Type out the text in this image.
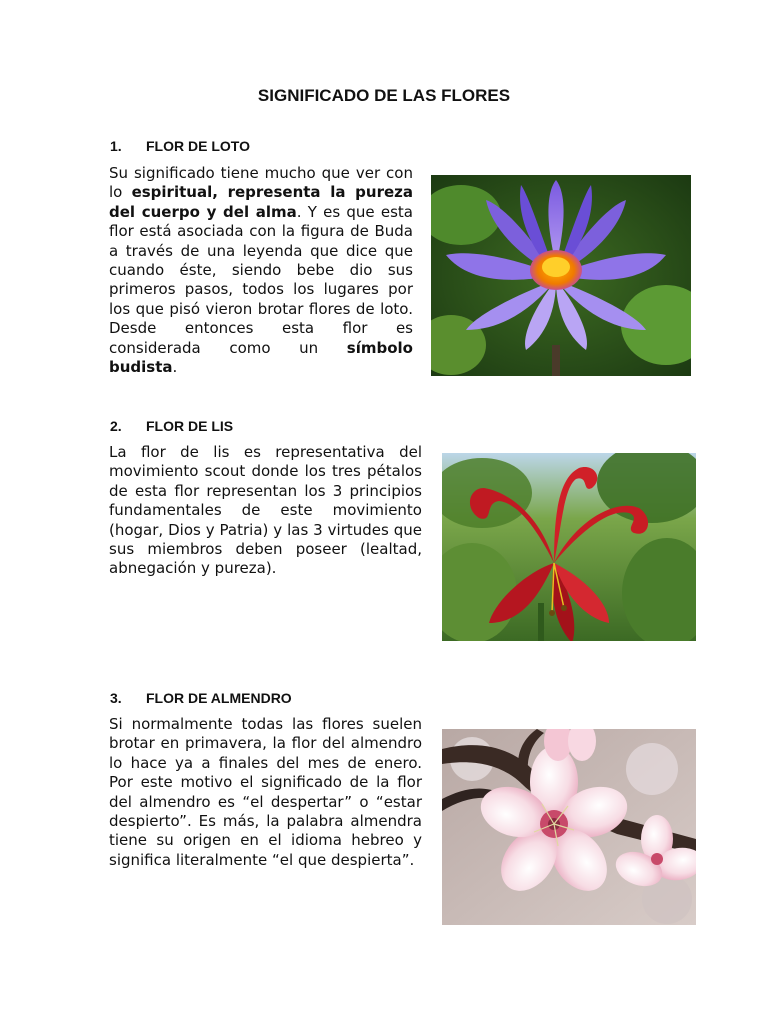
SIGNIFICADO DE LAS FLORES
1. FLOR DE LOTO
Su significado tiene mucho que ver con lo espiritual, representa la pureza del cuerpo y del alma. Y es que esta flor está asociada con la figura de Buda a través de una leyenda que dice que cuando éste, siendo bebe dio sus primeros pasos, todos los lugares por los que pisó vieron brotar flores de loto. Desde entonces esta flor es considerada como un símbolo budista.
2. FLOR DE LIS
La flor de lis es representativa del movimiento scout donde los tres pétalos de esta flor representan los 3 principios fundamentales de este movimiento (hogar, Dios y Patria) y las 3 virtudes que sus miembros deben poseer (lealtad, abnegación y pureza).
3. FLOR DE ALMENDRO
Si normalmente todas las flores suelen brotar en primavera, la flor del almendro lo hace ya a finales del mes de enero. Por este motivo el significado de la flor del almendro es “el despertar” o “estar despierto”. Es más, la palabra almendra tiene su origen en el idioma hebreo y significa literalmente “el que despierta”.
